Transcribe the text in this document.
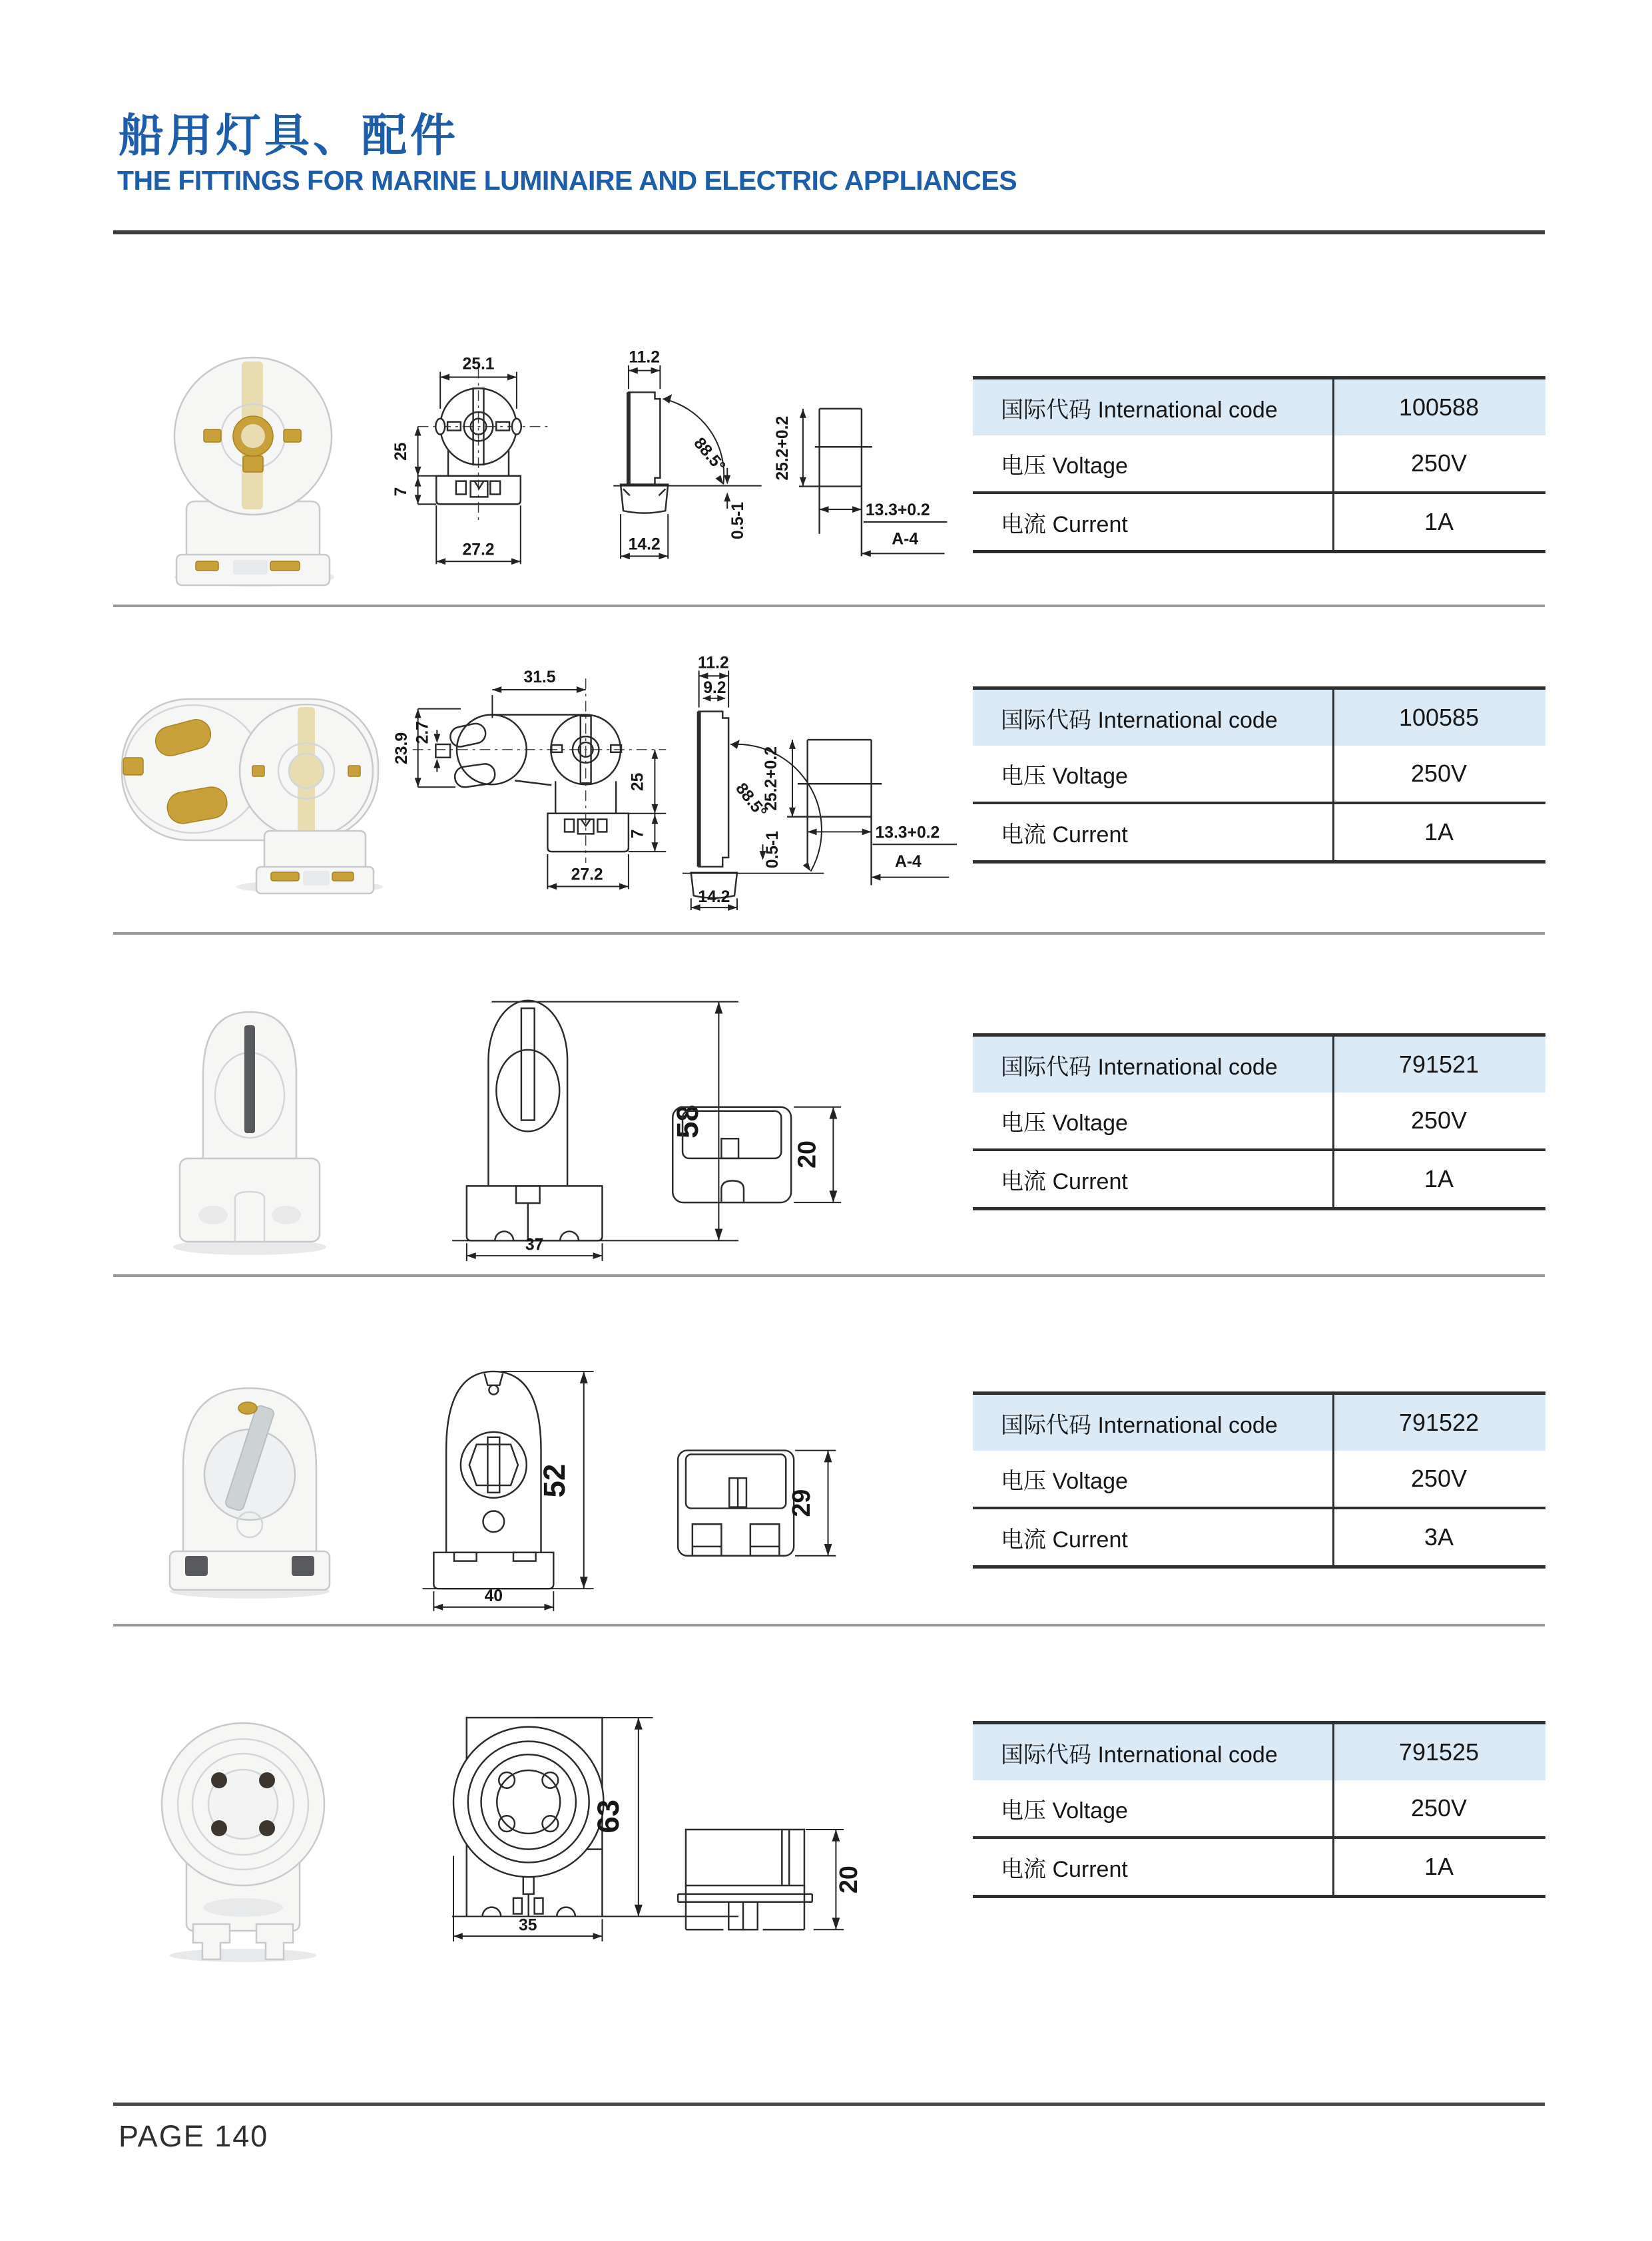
船用灯具、配件
THE FITTINGS FOR MARINE LUMINAIRE AND ELECTRIC APPLIANCES
25.1
25
7
27.2
11.2
88.5°
0.5-1
14.2
25.2+0.2
13.3+0.2
A-4
国际代码 International code	100588
电压 Voltage	250V
电流 Current	1A
31.5
23.9 2.7
25
7
27.2
11.2
9.2
88.5°
0.5-1
14.2
25.2+0.2
13.3+0.2
A-4
国际代码 International code	100585
电压 Voltage	250V
电流 Current	1A
58
37
20
国际代码 International code	791521
电压 Voltage	250V
电流 Current	1A
52
40
29
国际代码 International code	791522
电压 Voltage	250V
电流 Current	3A
63
35
20
国际代码 International code	791525
电压 Voltage	250V
电流 Current	1A
PAGE 140
